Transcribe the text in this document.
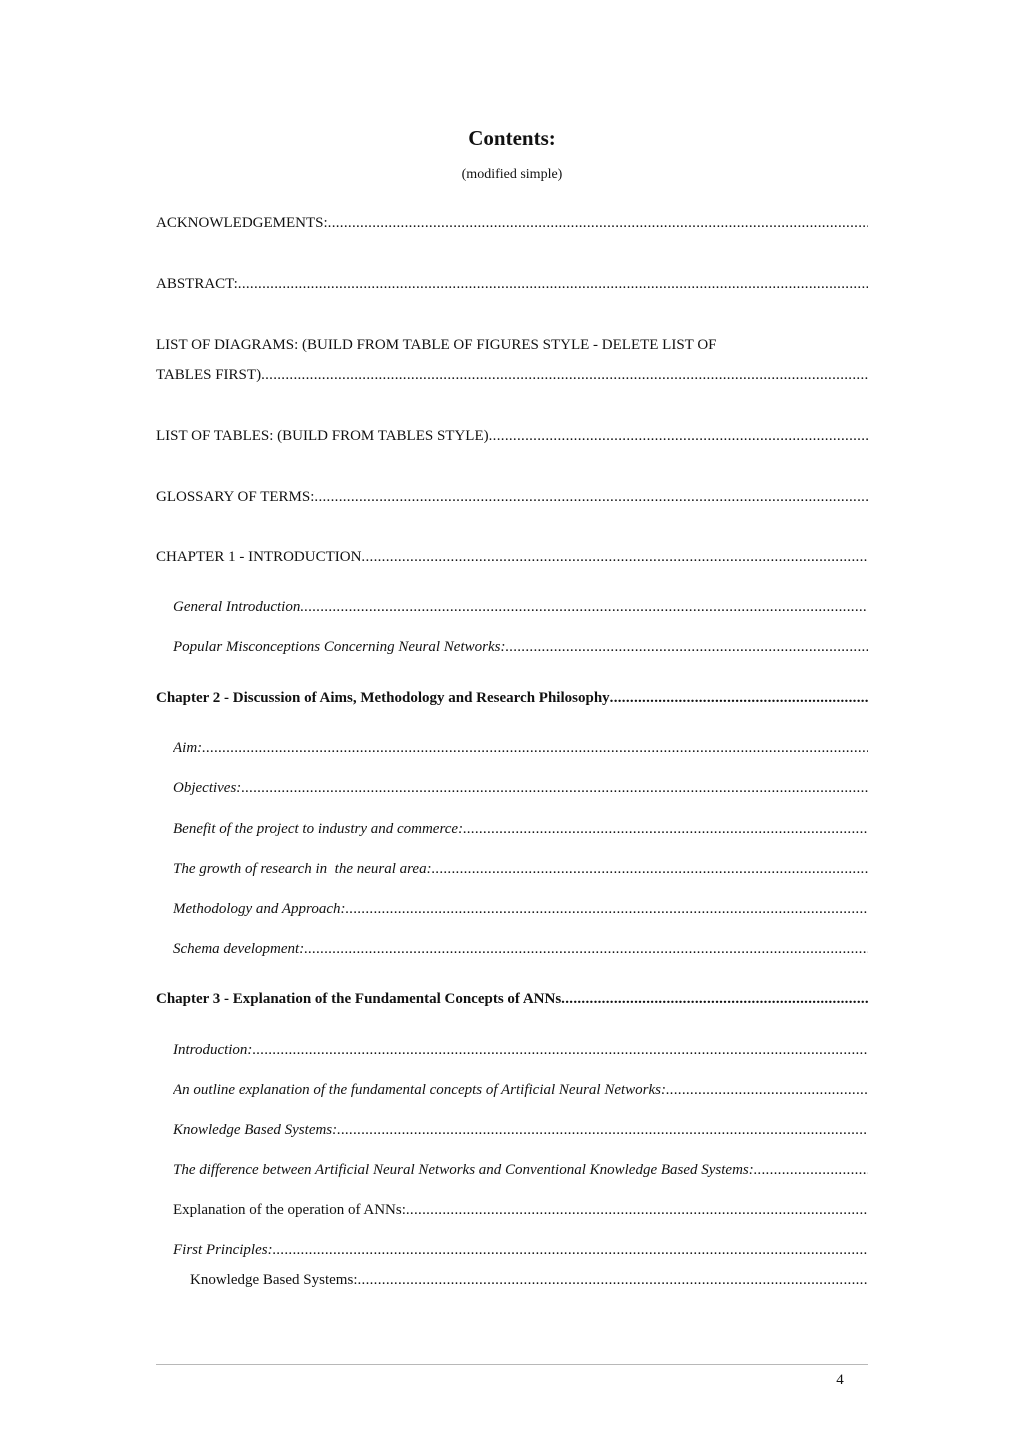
Contents:
(modified simple)
ACKNOWLEDGEMENTS:
.....
ABSTRACT:
.....
LIST OF DIAGRAMS: (BUILD FROM TABLE OF FIGURES STYLE - DELETE LIST OF
TABLES FIRST)
.....
LIST OF TABLES: (BUILD FROM TABLES STYLE)
.....
GLOSSARY OF TERMS:
.....
CHAPTER 1 - INTRODUCTION
.....
General Introduction
.....
Popular Misconceptions Concerning Neural Networks:
.....
Chapter 2 - Discussion of Aims, Methodology and Research Philosophy
.....
Aim:
.....
Objectives:
.....
Benefit of the project to industry and commerce:
.....
The growth of research in  the neural area:
.....
Methodology and Approach:
.....
Schema development:
.....
Chapter 3 - Explanation of the Fundamental Concepts of ANNs
.....
Introduction:
.....
An outline explanation of the fundamental concepts of Artificial Neural Networks:
.....
Knowledge Based Systems:
.....
The difference between Artificial Neural Networks and Conventional Knowledge Based Systems:
.....
Explanation of the operation of ANNs:
.....
First Principles:
.....
Knowledge Based Systems:
.....
4
